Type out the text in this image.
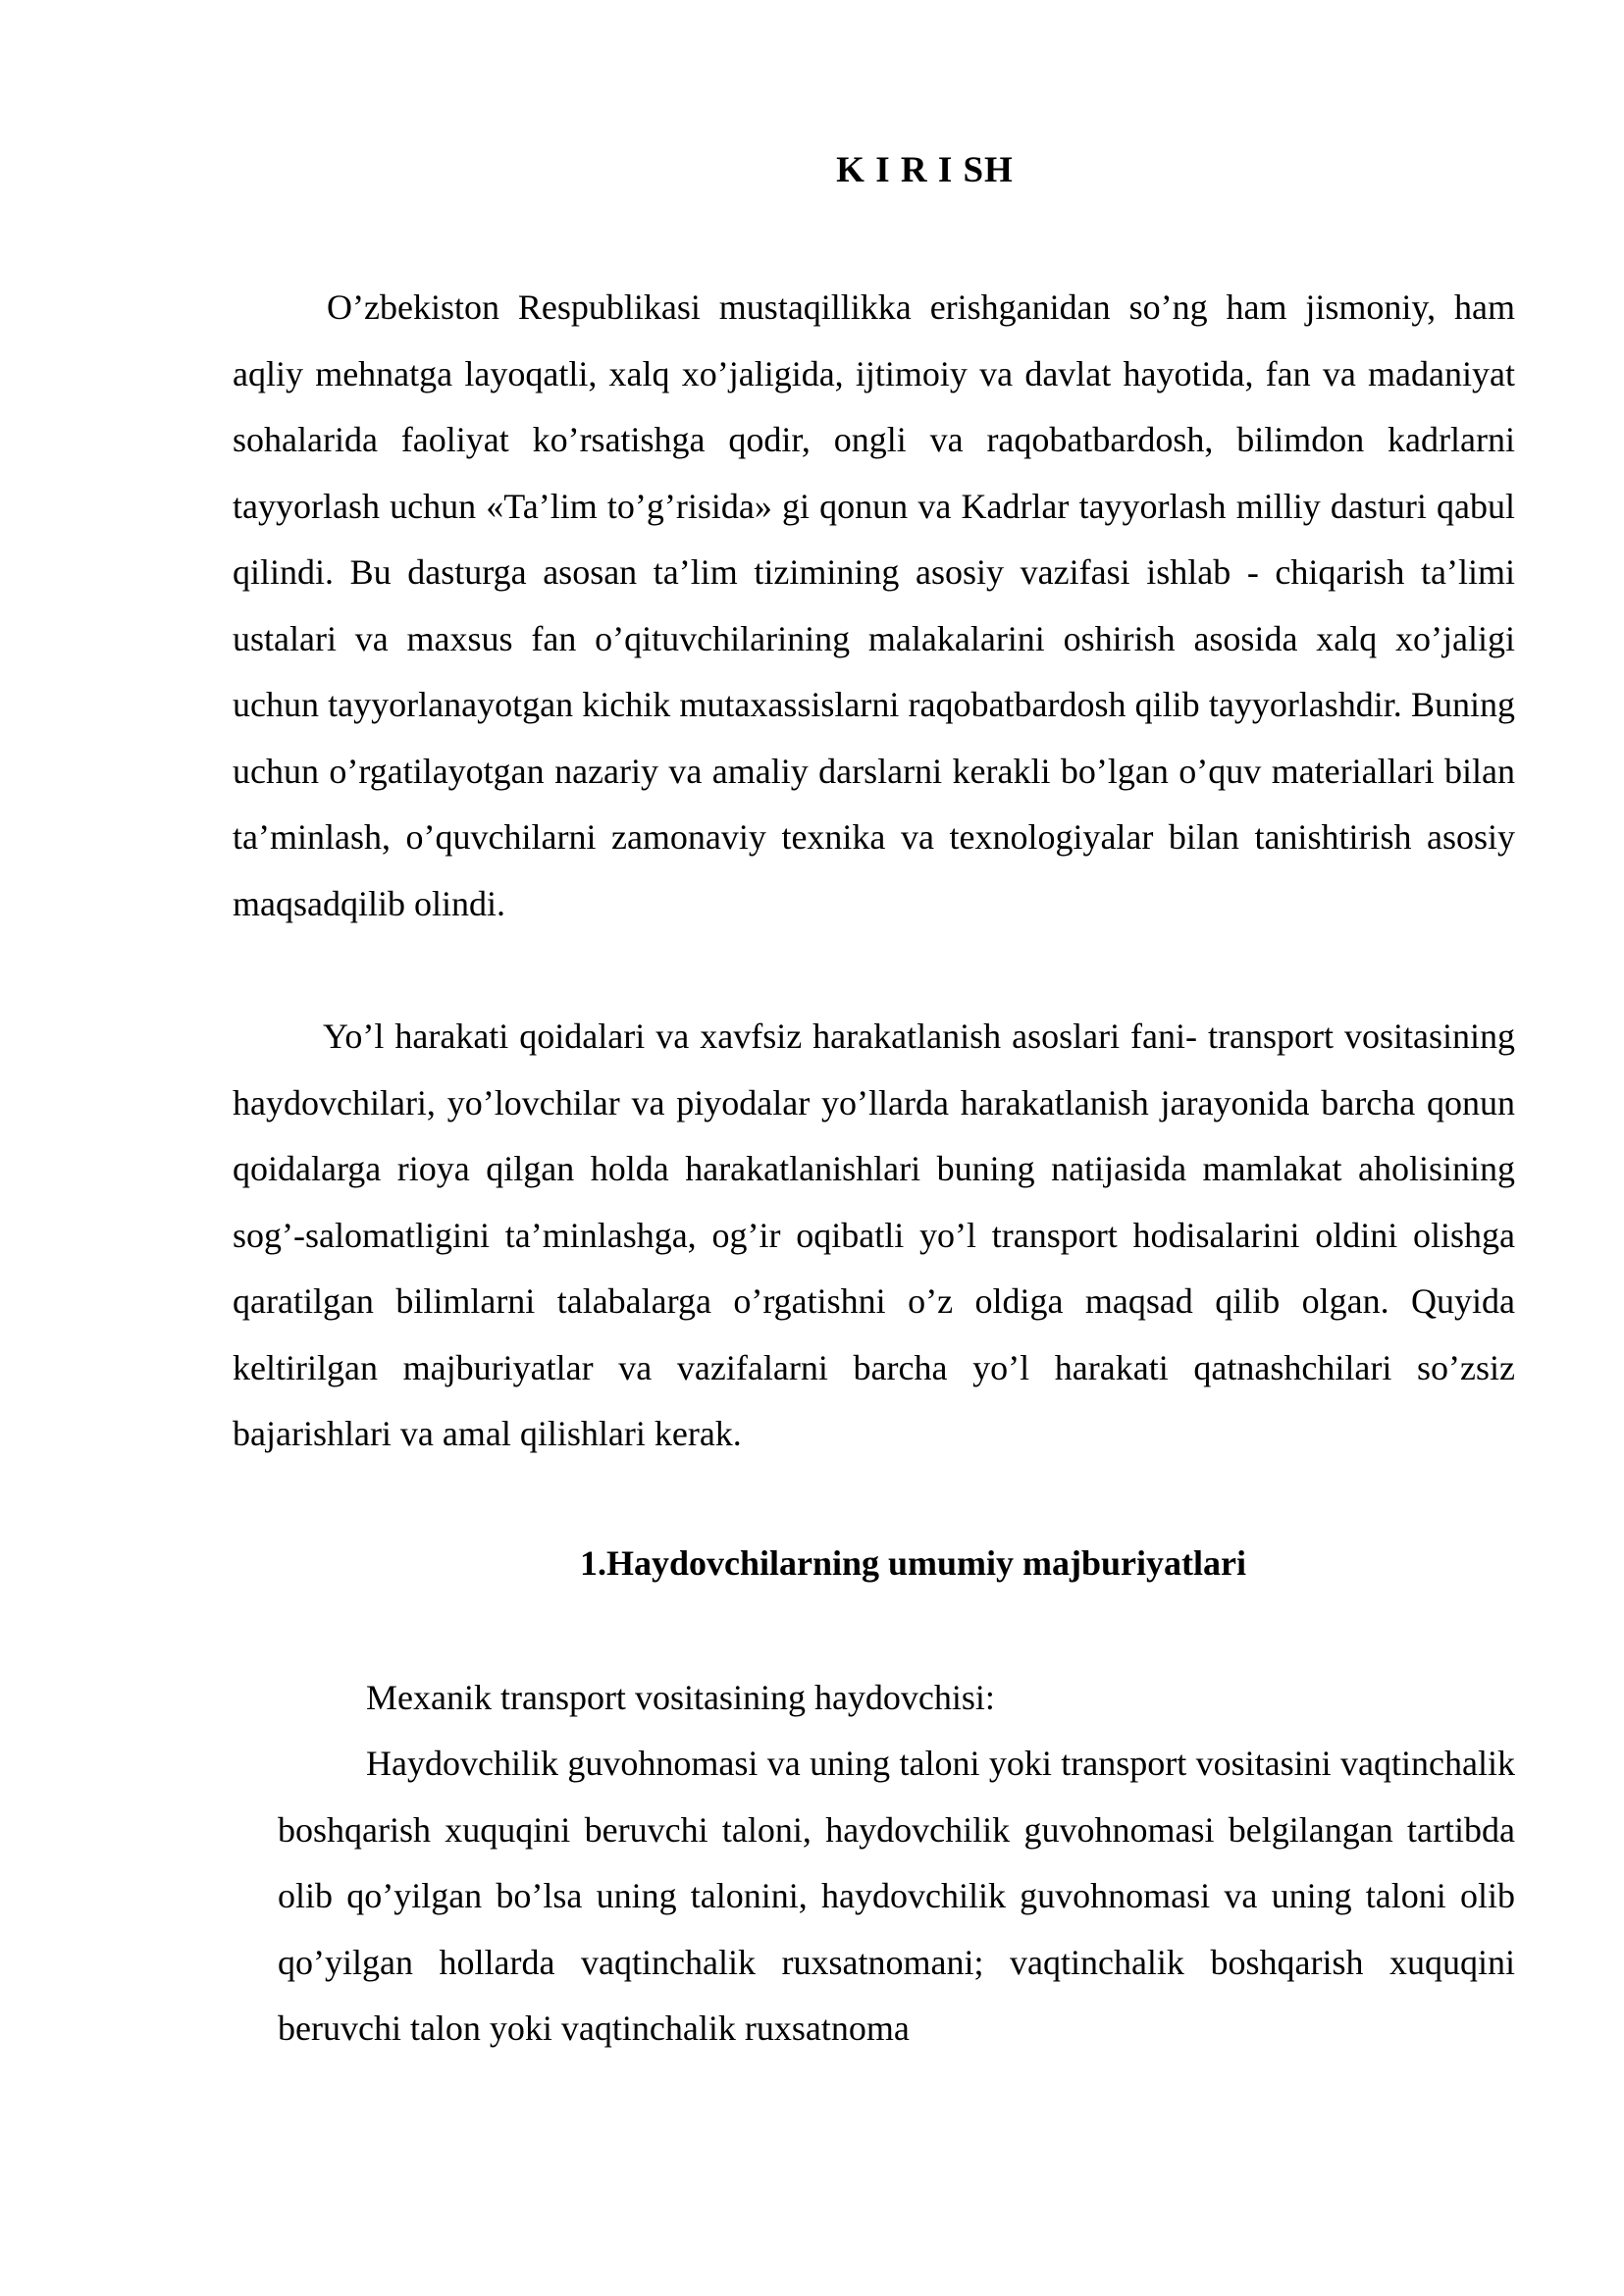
K I R I SH

O’zbekiston Respublikasi mustaqillikka erishganidan so’ng ham jismoniy, ham aqliy mehnatga layoqatli, xalq xo’jaligida, ijtimoiy va davlat hayotida, fan va madaniyat sohalarida faoliyat ko’rsatishga qodir, ongli va raqobatbardosh, bilimdon kadrlarni tayyorlash uchun «Ta’lim to’g’risida» gi qonun va Kadrlar tayyorlash milliy dasturi qabul qilindi. Bu dasturga asosan ta’lim tizimining asosiy vazifasi ishlab - chiqarish ta’limi ustalari va maxsus fan o’qituvchilarining malakalarini oshirish asosida xalq xo’jaligi uchun tayyorlanayotgan kichik mutaxassislarni raqobatbardosh qilib tayyorlashdir. Buning uchun o’rgatilayotgan nazariy va amaliy darslarni kerakli bo’lgan o’quv materiallari bilan ta’minlash, o’quvchilarni zamonaviy texnika va texnologiyalar bilan tanishtirish asosiy maqsadqilib olindi.

Yo’l harakati qoidalari va xavfsiz harakatlanish asoslari fani- transport vositasining haydovchilari, yo’lovchilar va piyodalar yo’llarda harakatlanish jarayonida barcha qonun qoidalarga rioya qilgan holda harakatlanishlari buning natijasida mamlakat aholisining sog’-salomatligini ta’minlashga, og’ir oqibatli yo’l transport hodisalarini oldini olishga qaratilgan bilimlarni talabalarga o’rgatishni o’z oldiga maqsad qilib olgan. Quyida keltirilgan majburiyatlar va vazifalarni barcha yo’l harakati qatnashchilari so’zsiz bajarishlari va amal qilishlari kerak.

1.Haydovchilarning umumiy majburiyatlari

Mexanik transport vositasining haydovchisi:

Haydovchilik guvohnomasi va uning taloni yoki transport vositasini vaqtinchalik boshqarish xuquqini beruvchi taloni, haydovchilik guvohnomasi belgilangan tartibda olib qo’yilgan bo’lsa uning talonini, haydovchilik guvohnomasi va uning taloni olib qo’yilgan hollarda vaqtinchalik ruxsatnomani; vaqtinchalik boshqarish xuquqini beruvchi talon yoki vaqtinchalik ruxsatnoma
